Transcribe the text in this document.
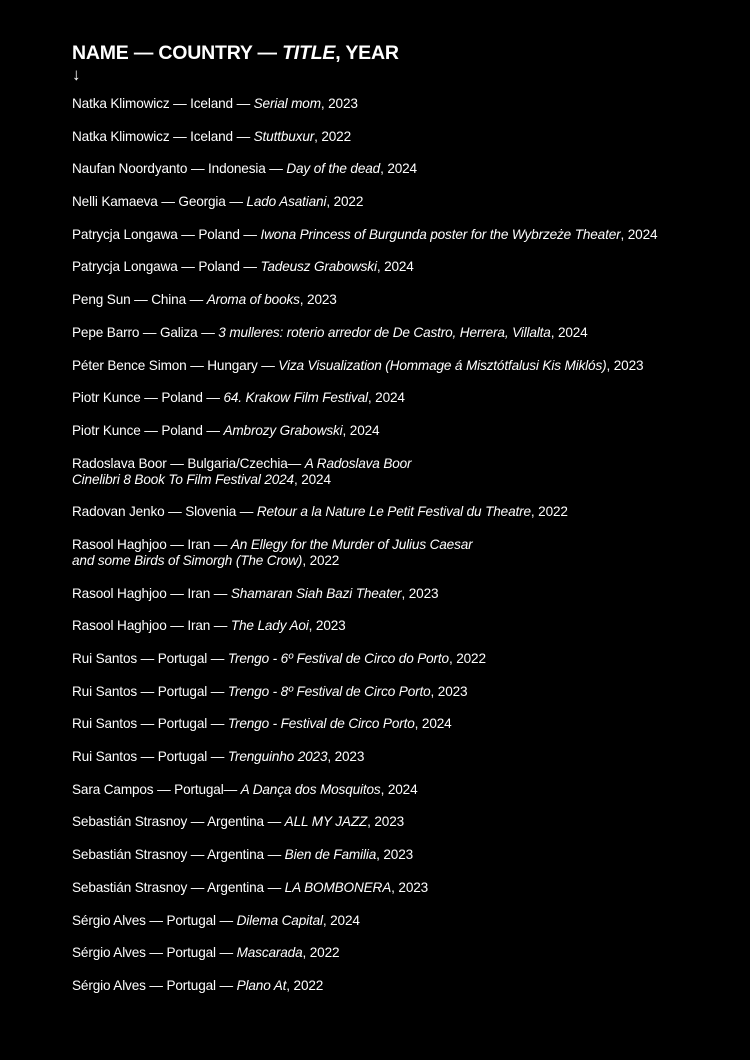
NAME — COUNTRY — TITLE, YEAR
↓
Natka Klimowicz — Iceland — Serial mom, 2023
Natka Klimowicz — Iceland — Stuttbuxur, 2022
Naufan Noordyanto — Indonesia — Day of the dead, 2024
Nelli Kamaeva — Georgia — Lado Asatiani, 2022
Patrycja Longawa — Poland — Iwona Princess of Burgunda poster for the Wybrzeże Theater, 2024
Patrycja Longawa — Poland — Tadeusz Grabowski, 2024
Peng Sun — China — Aroma of books, 2023
Pepe Barro — Galiza — 3 mulleres: roterio arredor de De Castro, Herrera, Villalta, 2024
Péter Bence Simon — Hungary — Viza Visualization (Hommage á Misztótfalusi Kis Miklós), 2023
Piotr Kunce — Poland — 64. Krakow Film Festival, 2024
Piotr Kunce — Poland — Ambrozy Grabowski, 2024
Radoslava Boor — Bulgaria/Czechia— A Radoslava Boor
Cinelibri 8 Book To Film Festival 2024, 2024
Radovan Jenko — Slovenia — Retour a la Nature Le Petit Festival du Theatre, 2022
Rasool Haghjoo — Iran — An Ellegy for the Murder of Julius Caesar
and some Birds of Simorgh (The Crow), 2022
Rasool Haghjoo — Iran — Shamaran Siah Bazi Theater, 2023
Rasool Haghjoo — Iran — The Lady Aoi, 2023
Rui Santos — Portugal — Trengo - 6º Festival de Circo do Porto, 2022
Rui Santos — Portugal — Trengo - 8º Festival de Circo Porto, 2023
Rui Santos — Portugal — Trengo - Festival de Circo Porto, 2024
Rui Santos — Portugal — Trenguinho 2023, 2023
Sara Campos — Portugal— A Dança dos Mosquitos, 2024
Sebastián Strasnoy — Argentina — ALL MY JAZZ, 2023
Sebastián Strasnoy — Argentina — Bien de Familia, 2023
Sebastián Strasnoy — Argentina — LA BOMBONERA, 2023
Sérgio Alves — Portugal — Dilema Capital, 2024
Sérgio Alves — Portugal — Mascarada, 2022
Sérgio Alves — Portugal — Plano At, 2022
